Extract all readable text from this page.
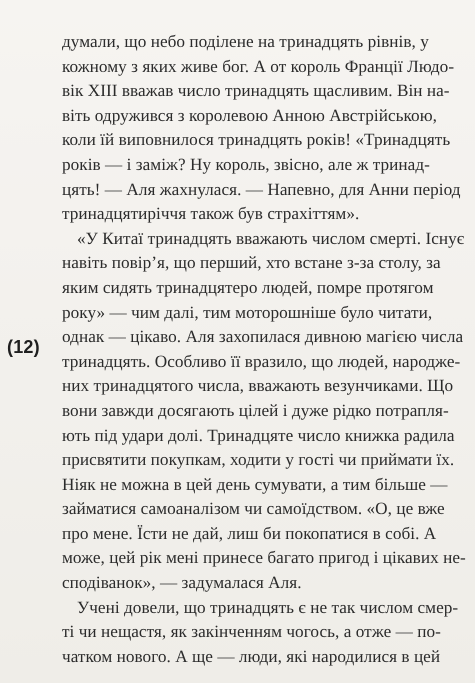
(12)
думали, що небо поділене на тринадцять рівнів, у
кожному з яких живе бог. А от король Франції Людо-
вік XIII вважав число тринадцять щасливим. Він на-
віть одружився з королевою Анною Австрійською,
коли їй виповнилося тринадцять років! «Тринадцять
років — і заміж? Ну король, звісно, але ж тринад-
цять! — Аля жахнулася. — Напевно, для Анни період
тринадцятиріччя також був страхіттям».
«У Китаї тринадцять вважають числом смерті. Існує
навіть повір’я, що перший, хто встане з-за столу, за
яким сидять тринадцятеро людей, помре протягом
року» — чим далі, тим моторошніше було читати,
однак — цікаво. Аля захопилася дивною магією числа
тринадцять. Особливо її вразило, що людей, народже-
них тринадцятого числа, вважають везунчиками. Що
вони завжди досягають цілей і дуже рідко потрапля-
ють під удари долі. Тринадцяте число книжка радила
присвятити покупкам, ходити у гості чи приймати їх.
Ніяк не можна в цей день сумувати, а тим більше —
займатися самоаналізом чи самоїдством. «О, це вже
про мене. Їсти не дай, лиш би покопатися в собі. А
може, цей рік мені принесе багато пригод і цікавих не-
сподіванок», — задумалася Аля.
Учені довели, що тринадцять є не так числом смер-
ті чи нещастя, як закінченням чогось, а отже — по-
чатком нового. А ще — люди, які народилися в цей
